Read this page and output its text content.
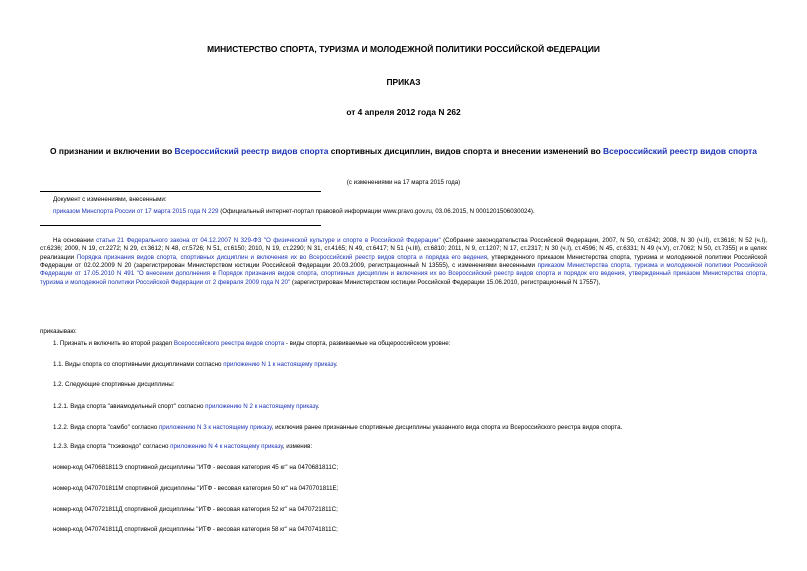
МИНИСТЕРСТВО СПОРТА, ТУРИЗМА И МОЛОДЕЖНОЙ ПОЛИТИКИ РОССИЙСКОЙ ФЕДЕРАЦИИ
ПРИКАЗ
от 4 апреля 2012 года N 262
О признании и включении во Всероссийский реестр видов спорта спортивных дисциплин, видов спорта и внесении изменений во Всероссийский реестр видов спорта
(с изменениями на 17 марта 2015 года)
Документ с изменениями, внесенными:
приказом Минспорта России от 17 марта 2015 года N 229 (Официальный интернет-портал правовой информации www.pravo.gov.ru, 03.06.2015, N 0001201506030024).
На основании статьи 21 Федерального закона от 04.12.2007 N 329-ФЗ "О физической культуре и спорте в Российской Федерации" (Собрание законодательства Российской Федерации, 2007, N 50, ст.6242; 2008, N 30 (ч.II), ст.3616; N 52 (ч.I), ст.6236; 2009, N 19, ст.2272; N 29, ст.3612; N 48, ст.5726; N 51, ст.6150; 2010, N 19, ст.2290; N 31, ст.4165; N 49, ст.6417; N 51 (ч.III), ст.6810; 2011, N 9, ст.1207; N 17, ст.2317; N 30 (ч.I), ст.4596; N 45, ст.6331; N 49 (ч.V), ст.7062; N 50, ст.7355) и в целях реализации Порядка признания видов спорта, спортивных дисциплин и включения их во Всероссийский реестр видов спорта и порядка его ведения, утвержденного приказом Министерства спорта, туризма и молодежной политики Российской Федерации от 02.02.2009 N 20 (зарегистрирован Министерством юстиции Российской Федерации 20.03.2009, регистрационный N 13555), с изменениями внесенными приказом Министерства спорта, туризма и молодежной политики Российской Федерации от 17.05.2010 N 491 "О внесении дополнения в Порядок признания видов спорта, спортивных дисциплин и включения их во Всероссийский реестр видов спорта и порядок его ведения, утвержденный приказом Министерства спорта, туризма и молодежной политики Российской Федерации от 2 февраля 2009 года N 20" (зарегистрирован Министерством юстиции Российской Федерации 15.06.2010, регистрационный N 17557),
приказываю:
1. Признать и включить во второй раздел Всероссийского реестра видов спорта - виды спорта, развиваемые на общероссийском уровне:
1.1. Виды спорта со спортивными дисциплинами согласно приложению N 1 к настоящему приказу.
1.2. Следующие спортивные дисциплины:
1.2.1. Вида спорта "авиамодельный спорт" согласно приложению N 2 к настоящему приказу.
1.2.2. Вида спорта "самбо" согласно приложению N 3 к настоящему приказу, исключив ранее признанные спортивные дисциплины указанного вида спорта из Всероссийского реестра видов спорта.
1.2.3. Вида спорта "тхэквондо" согласно приложению N 4 к настоящему приказу, изменив:
номер-код 0470681811Э спортивной дисциплины "ИТФ - весовая категория 45 кг" на 0470681811С;
номер-код 0470701811М спортивной дисциплины "ИТФ - весовая категория 50 кг" на 0470701811Е;
номер-код 0470721811Д спортивной дисциплины "ИТФ - весовая категория 52 кг" на 0470721811С;
номер-код 0470741811Д спортивной дисциплины "ИТФ - весовая категория 58 кг" на 0470741811С;
